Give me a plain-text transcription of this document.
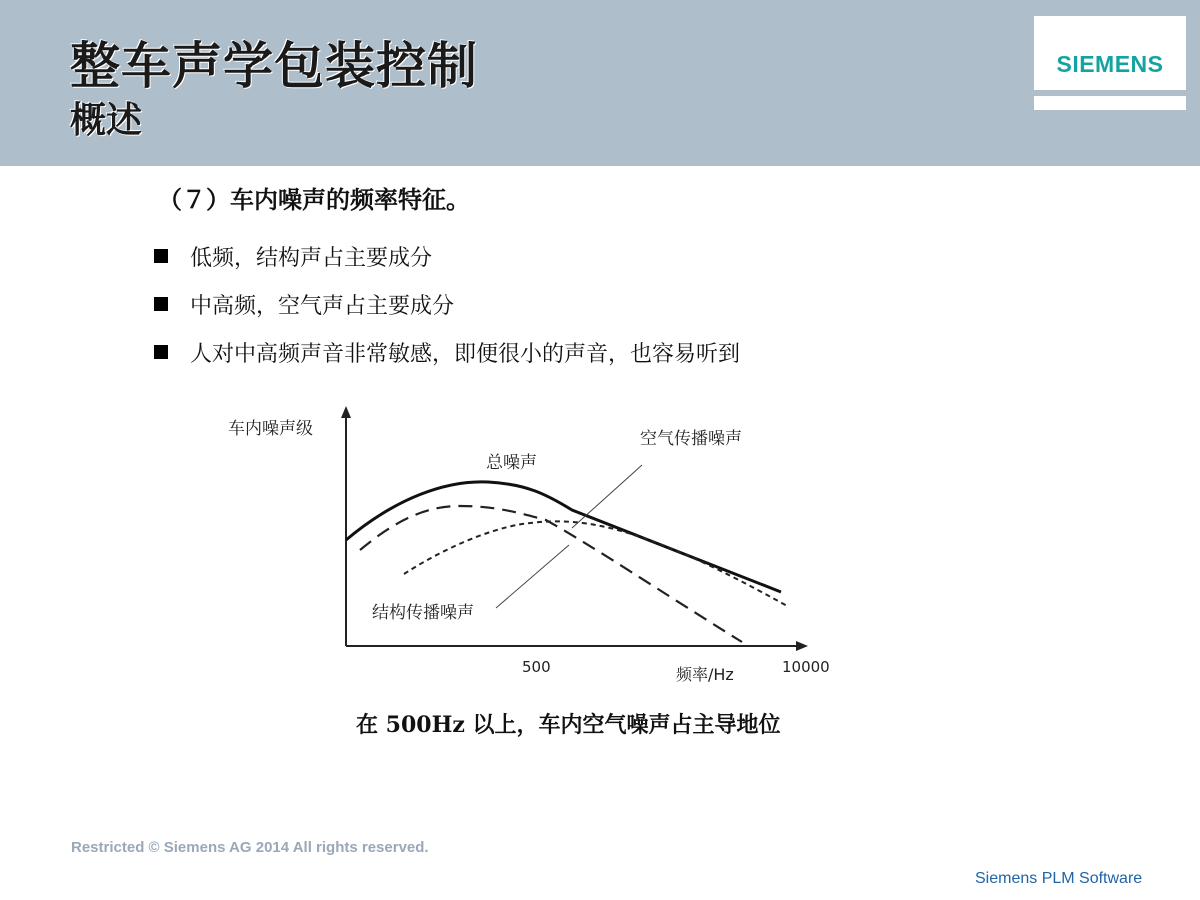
整车声学包装控制
概述
SIEMENS
（７）车内噪声的频率特征。
低频，结构声占主要成分
中高频，空气声占主要成分
人对中高频声音非常敏感，即便很小的声音，也容易听到
车内噪声级
总噪声
空气传播噪声
结构传播噪声
500	频率/Hz	10000
在 500Hz 以上，车内空气噪声占主导地位
Restricted © Siemens AG 2014 All rights reserved.
Siemens PLM Software
